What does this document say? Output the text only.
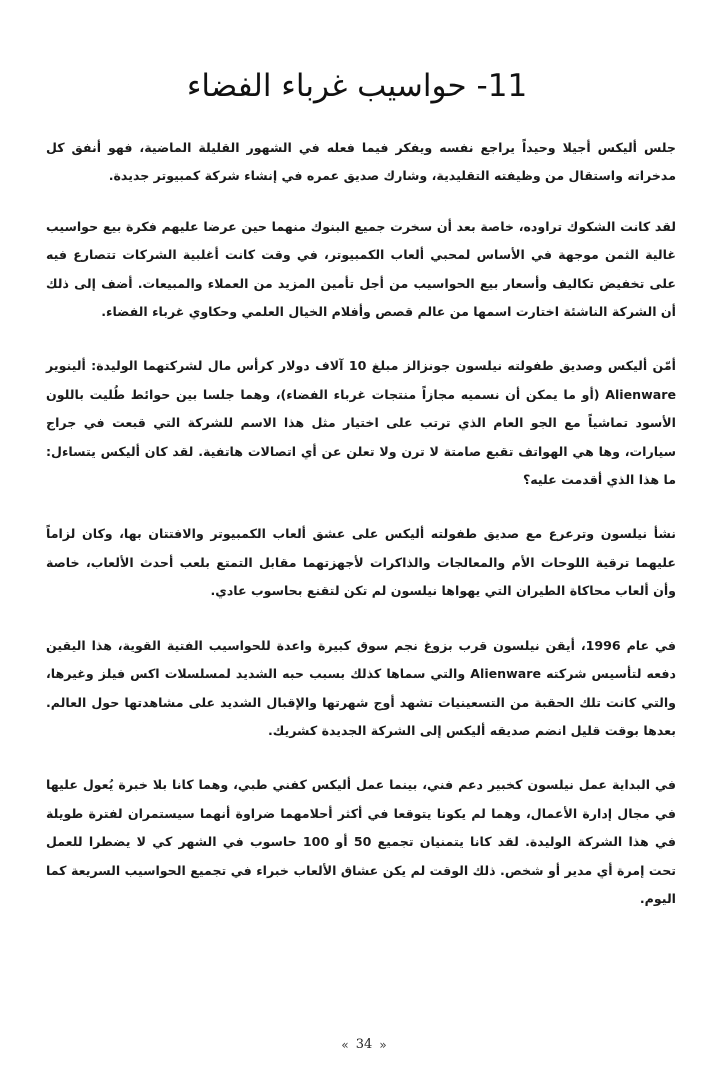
11- حواسيب غرباء الفضاء

جلس أليكس أجيلا وحيداً يراجع نفسه ويفكر فيما فعله في الشهور القليلة الماضية، فهو أنفق كل مدخراته واستقال من وظيفته التقليدية، وشارك صديق عمره في إنشاء شركة كمبيوتر جديدة.

لقد كانت الشكوك تراوده، خاصة بعد أن سخرت جميع البنوك منهما حين عرضا عليهم فكرة بيع حواسيب غالية الثمن موجهة في الأساس لمحبي ألعاب الكمبيوتر، في وقت كانت أغلبية الشركات تتصارع فيه على تخفيض تكاليف وأسعار بيع الحواسيب من أجل تأمين المزيد من العملاء والمبيعات. أضف إلى ذلك أن الشركة الناشئة اختارت اسمها من عالم قصص وأفلام الخيال العلمي وحكاوي غرباء الفضاء.

أمّن أليكس وصديق طفولته نيلسون جونزالز مبلغ 10 آلاف دولار كرأس مال لشركتهما الوليدة: ألينوير Alienware (أو ما يمكن أن نسميه مجازاً منتجات غرباء الفضاء)، وهما جلسا بين حوائط طُليت باللون الأسود تماشياً مع الجو العام الذي ترتب على اختيار مثل هذا الاسم للشركة التي قبعت في جراج سيارات، وها هي الهواتف تقبع صامتة لا ترن ولا تعلن عن أي اتصالات هاتفية. لقد كان أليكس يتساءل: ما هذا الذي أقدمت عليه؟

نشأ نيلسون وترعرع مع صديق طفولته أليكس على عشق ألعاب الكمبيوتر والافتتان بها، وكان لزاماً عليهما ترقية اللوحات الأم والمعالجات والذاكرات لأجهزتهما مقابل التمتع بلعب أحدث الألعاب، خاصة وأن ألعاب محاكاة الطيران التي يهواها نيلسون لم تكن لتقنع بحاسوب عادي.

في عام 1996، أيقن نيلسون قرب بزوغ نجم سوق كبيرة واعدة للحواسيب الفتية القوية، هذا اليقين دفعه لتأسيس شركته Alienware والتي سماها كذلك بسبب حبه الشديد لمسلسلات اكس فيلز وغيرها، والتي كانت تلك الحقبة من التسعينيات تشهد أوج شهرتها والإقبال الشديد على مشاهدتها حول العالم. بعدها بوقت قليل انضم صديقه أليكس إلى الشركة الجديدة كشريك.

في البداية عمل نيلسون كخبير دعم فني، بينما عمل أليكس كفني طبي، وهما كانا بلا خبرة يُعول عليها في مجال إدارة الأعمال، وهما لم يكونا يتوقعا في أكثر أحلامهما ضراوة أنهما سيستمران لفترة طويلة في هذا الشركة الوليدة. لقد كانا يتمنيان تجميع 50 أو 100 حاسوب في الشهر كي لا يضطرا للعمل تحت إمرة أي مدير أو شخص. ذلك الوقت لم يكن عشاق الألعاب خبراء في تجميع الحواسيب السريعة كما اليوم.

« 34 »
